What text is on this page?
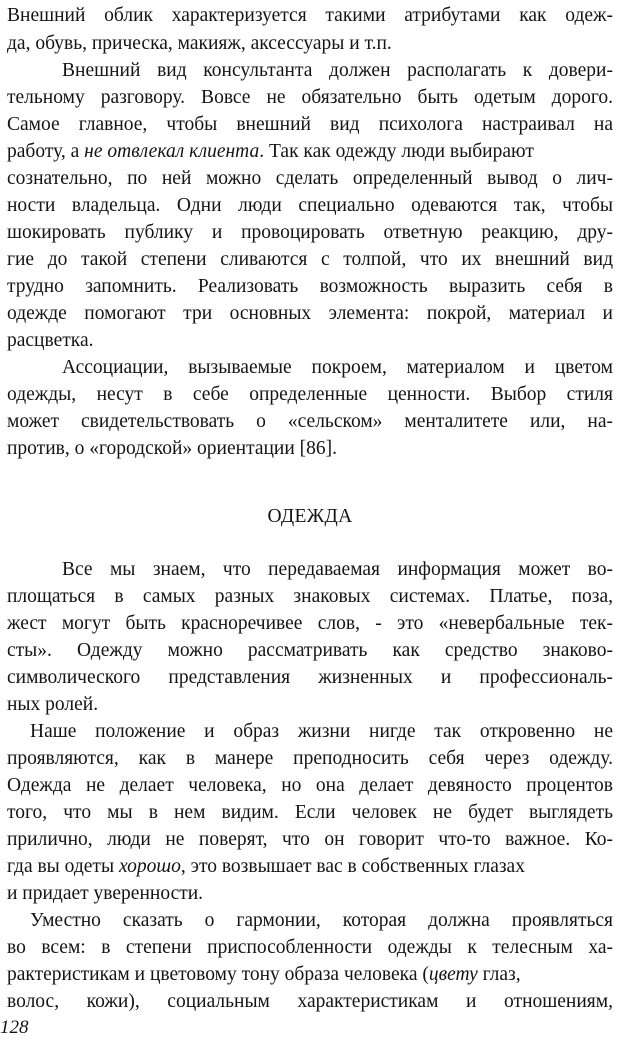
Внешний облик характеризуется такими атрибутами как одеж-
да, обувь, прическа, макияж, аксессуары и т.п.
Внешний вид консультанта должен располагать к довери-
тельному разговору. Вовсе не обязательно быть одетым дорого.
Самое главное, чтобы внешний вид психолога настраивал на
работу, а не отвлекал клиента. Так как одежду люди выбирают
сознательно, по ней можно сделать определенный вывод о лич-
ности владельца. Одни люди специально одеваются так, чтобы
шокировать публику и провоцировать ответную реакцию, дру-
гие до такой степени сливаются с толпой, что их внешний вид
трудно запомнить. Реализовать возможность выразить себя в
одежде помогают три основных элемента: покрой, материал и
расцветка.
Ассоциации, вызываемые покроем, материалом и цветом
одежды, несут в себе определенные ценности. Выбор стиля
может свидетельствовать о «сельском» менталитете или, на-
против, о «городской» ориентации [86].
ОДЕЖДА
Все мы знаем, что передаваемая информация может во-
площаться в самых разных знаковых системах. Платье, поза,
жест могут быть красноречивее слов, - это «невербальные тек-
сты». Одежду можно рассматривать как средство знаково-
символического представления жизненных и профессиональ-
ных ролей.
Наше положение и образ жизни нигде так откровенно не
проявляются, как в манере преподносить себя через одежду.
Одежда не делает человека, но она делает девяносто процентов
того, что мы в нем видим. Если человек не будет выглядеть
прилично, люди не поверят, что он говорит что-то важное. Ко-
гда вы одеты хорошо, это возвышает вас в собственных глазах
и придает уверенности.
Уместно сказать о гармонии, которая должна проявляться
во всем: в степени приспособленности одежды к телесным ха-
рактеристикам и цветовому тону образа человека (цвету глаз,
волос, кожи), социальным характеристикам и отношениям,
128
